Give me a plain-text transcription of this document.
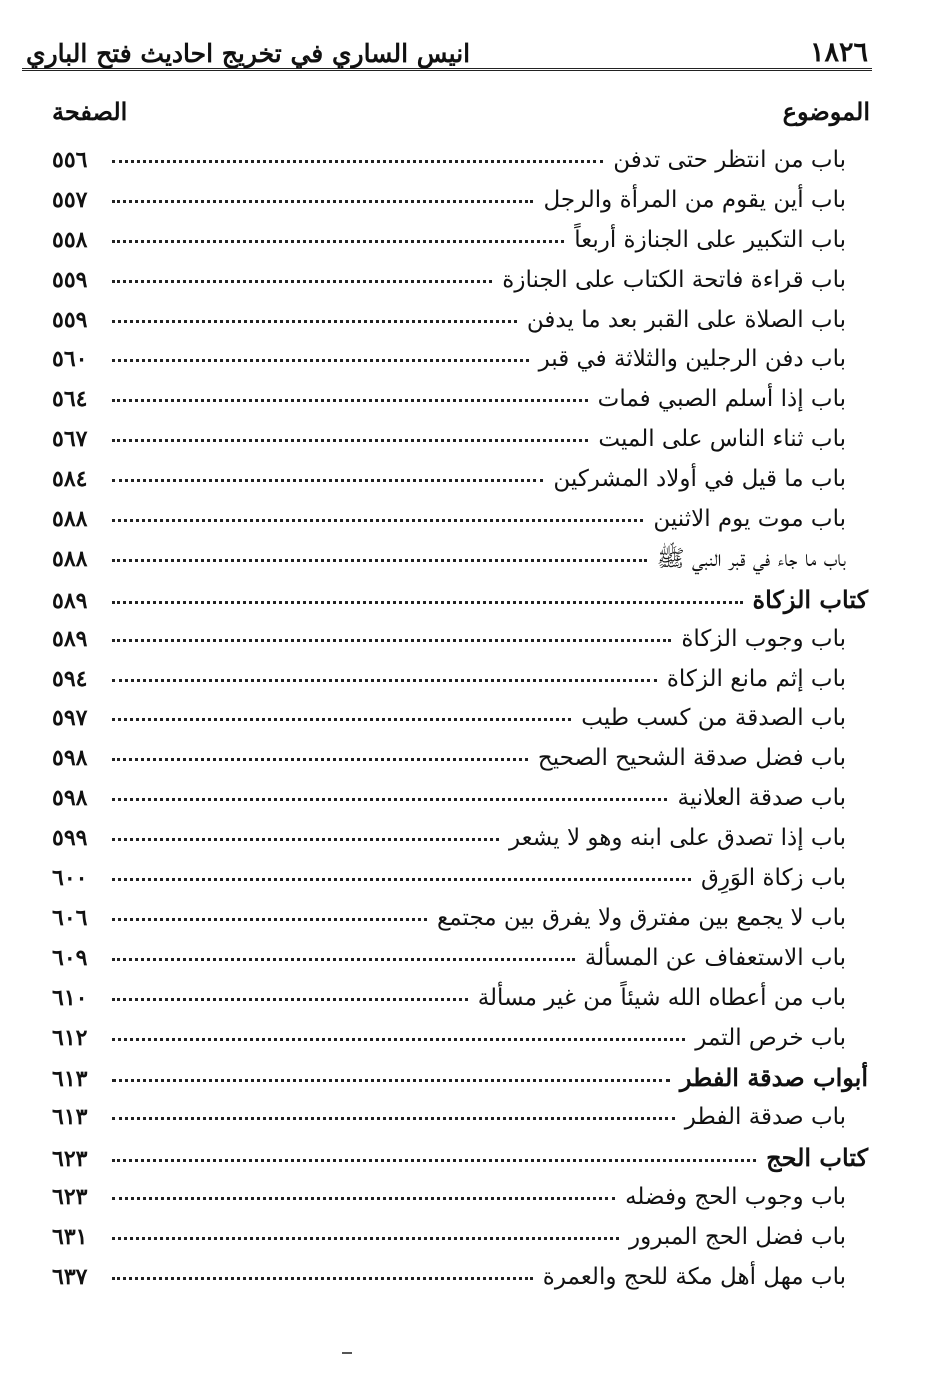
١٨٢٦
انيس الساري في تخريج احاديث فتح الباري
الموضوع
الصفحة
باب من انتظر حتى تدفن
٥٥٦
باب أين يقوم من المرأة والرجل
٥٥٧
باب التكبير على الجنازة أربعاً
٥٥٨
باب قراءة فاتحة الكتاب على الجنازة
٥٥٩
باب الصلاة على القبر بعد ما يدفن
٥٥٩
باب دفن الرجلين والثلاثة في قبر
٥٦٠
باب إذا أسلم الصبي فمات
٥٦٤
باب ثناء الناس على الميت
٥٦٧
باب ما قيل في أولاد المشركين
٥٨٤
باب موت يوم الاثنين
٥٨٨
باب ما جاء في قبر النبي ﷺ
٥٨٨
كتاب الزكاة
٥٨٩
باب وجوب الزكاة
٥٨٩
باب إثم مانع الزكاة
٥٩٤
باب الصدقة من كسب طيب
٥٩٧
باب فضل صدقة الشحيح الصحيح
٥٩٨
باب صدقة العلانية
٥٩٨
باب إذا تصدق على ابنه وهو لا يشعر
٥٩٩
باب زكاة الوَرِق
٦٠٠
باب لا يجمع بين مفترق ولا يفرق بين مجتمع
٦٠٦
باب الاستعفاف عن المسألة
٦٠٩
باب من أعطاه الله شيئاً من غير مسألة
٦١٠
باب خرص التمر
٦١٢
أبواب صدقة الفطر
٦١٣
باب صدقة الفطر
٦١٣
كتاب الحج
٦٢٣
باب وجوب الحج وفضله
٦٢٣
باب فضل الحج المبرور
٦٣١
باب مهل أهل مكة للحج والعمرة
٦٣٧
